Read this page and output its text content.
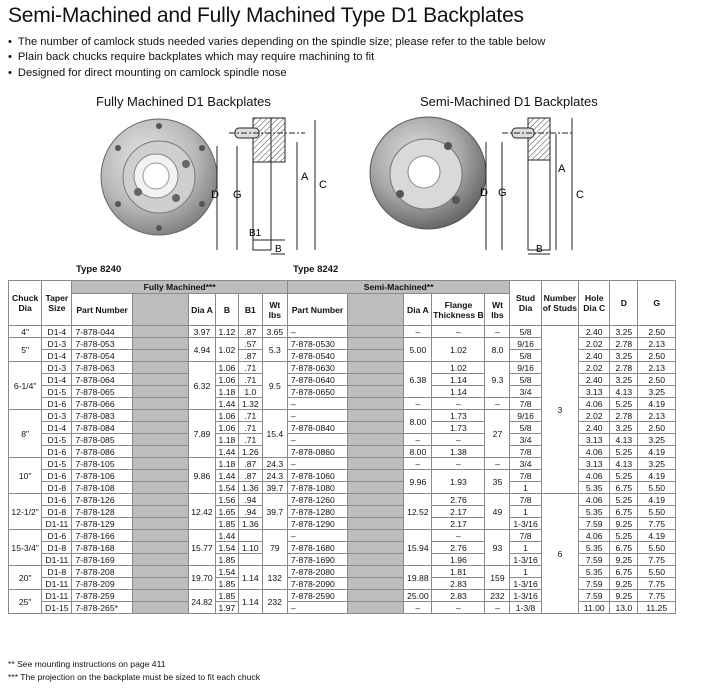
Semi-Machined and Fully Machined Type D1 Backplates
• The number of camlock studs needed varies depending on the spindle size; please refer to the table below
• Plain back chucks require backplates which may require machining to fit
• Designed for direct mounting on camlock spindle nose
Fully Machined D1 Backplates	Semi-Machined D1 Backplates
D G
A
C
B1
B
D G
A
C
B
Type 8240	Type 8242
Chuck Dia	Taper Size	Fully Machined***						Semi-Machined**					Stud Dia	Number of Studs	Hole Dia C	D	G
		Part Number		Dia A	B	B1	Wt lbs	Part Number		Dia A	Flange Thickness B	Wt lbs					
4"	D1-4	7-878-044		3.97	1.12	.87	3.65	–		–	–	–	5/8	3	2.40	3.25	2.50
5"	D1-3	7-878-053		4.94	1.02	.57	5.3	7-878-0530		5.00	1.02	8.0	9/16		2.02	2.78	2.13
	D1-4	7-878-054				.87		7-878-0540					5/8		2.40	3.25	2.50
6-1/4"	D1-3	7-878-063		6.32	1.06	.71	9.5	7-878-0630		6.38	1.02	9.3	9/16		2.02	2.78	2.13
	D1-4	7-878-064			1.06	.71		7-878-0640			1.14		5/8		2.40	3.25	2.50
	D1-5	7-878-065			1.18	1.0		7-878-0650			1.14		3/4		3.13	4.13	3.25
	D1-6	7-878-066			1.44	1.32		–		–	–	–	7/8		4.06	5.25	4.19
8"	D1-3	7-878-083		7.89	1.06	.71	15.4	–		8.00	1.73	27	9/16		2.02	2.78	2.13
	D1-4	7-878-084			1.06	.71		7-878-0840			1.73		5/8		2.40	3.25	2.50
	D1-5	7-878-085			1.18	.71		–		–	–		3/4		3.13	4.13	3.25
	D1-6	7-878-086			1.44	1.26		7-878-0860		8.00	1.38		7/8		4.06	5.25	4.19
10"	D1-5	7-878-105		9.86	1.18	.87	24.3	–		–	–	–	3/4		3.13	4.13	3.25
	D1-6	7-878-106			1.44	.87	24.3	7-878-1060		9.96	1.93	35	7/8		4.06	5.25	4.19
	D1-8	7-878-108			1.54	1.36	39.7	7-878-1080					1		5.35	6.75	5.50
12-1/2"	D1-6	7-878-126		12.42	1.56	.94	39.7	7-878-1260		12.52	2.76	49	7/8	6	4.06	5.25	4.19
	D1-8	7-878-128			1.65	.94		7-878-1280			2.17		1		5.35	6.75	5.50
	D1-11	7-878-129			1.85	1.36		7-878-1290			2.17		1-3/16		7.59	9.25	7.75
15-3/4"	D1-6	7-878-166		15.77	1.44		79	–		15.94	–	93	7/8		4.06	5.25	4.19
	D1-8	7-878-168			1.54	1.10		7-878-1680			2.76		1		5.35	6.75	5.50
	D1-11	7-878-169			1.85			7-878-1690			1.96		1-3/16		7.59	9.25	7.75
20"	D1-8	7-878-208		19.70	1.54	1.14	132	7-878-2080		19.88	1.81	159	1		5.35	6.75	5.50
	D1-11	7-878-209			1.85			7-878-2090			2.83		1-3/16		7.59	9.25	7.75
25"	D1-11	7-878-259		24.82	1.85	1.14	232	7-878-2590		25.00	2.83	232	1-3/16		7.59	9.25	7.75
	D1-15	7-878-265*			1.97			–		–	–	–	1-3/8		11.00	13.0	11.25
** See mounting instructions on page 411
*** The projection on the backplate must be sized to fit each chuck
